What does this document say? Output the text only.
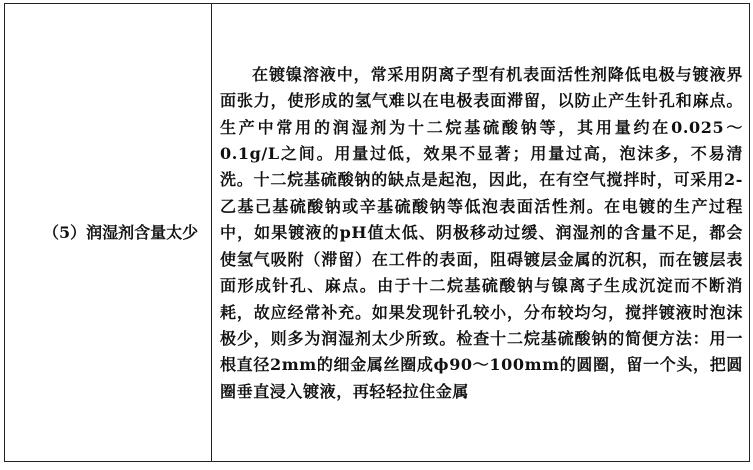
（5）润湿剂含量太少

在镀镍溶液中，常采用阴离子型有机表面活性剂降低电极与镀液界面张力，使形成的氢气难以在电极表面滞留，以防止产生针孔和麻点。生产中常用的润湿剂为十二烷基硫酸钠等，其用量约在0.025～0.1g/L之间。用量过低，效果不显著；用量过高，泡沫多，不易清洗。十二烷基硫酸钠的缺点是起泡，因此，在有空气搅拌时，可采用2-乙基己基硫酸钠或辛基硫酸钠等低泡表面活性剂。在电镀的生产过程中，如果镀液的pH值太低、阴极移动过缓、润湿剂的含量不足，都会使氢气吸附（滞留）在工件的表面，阻碍镀层金属的沉积，而在镀层表面形成针孔、麻点。由于十二烷基硫酸钠与镍离子生成沉淀而不断消耗，故应经常补充。如果发现针孔较小，分布较均匀，搅拌镀液时泡沫极少，则多为润湿剂太少所致。检查十二烷基硫酸钠的简便方法：用一根直径2mm的细金属丝圈成ϕ90～100mm的圆圈，留一个头，把圆圈垂直浸入镀液，再轻轻拉住金属
